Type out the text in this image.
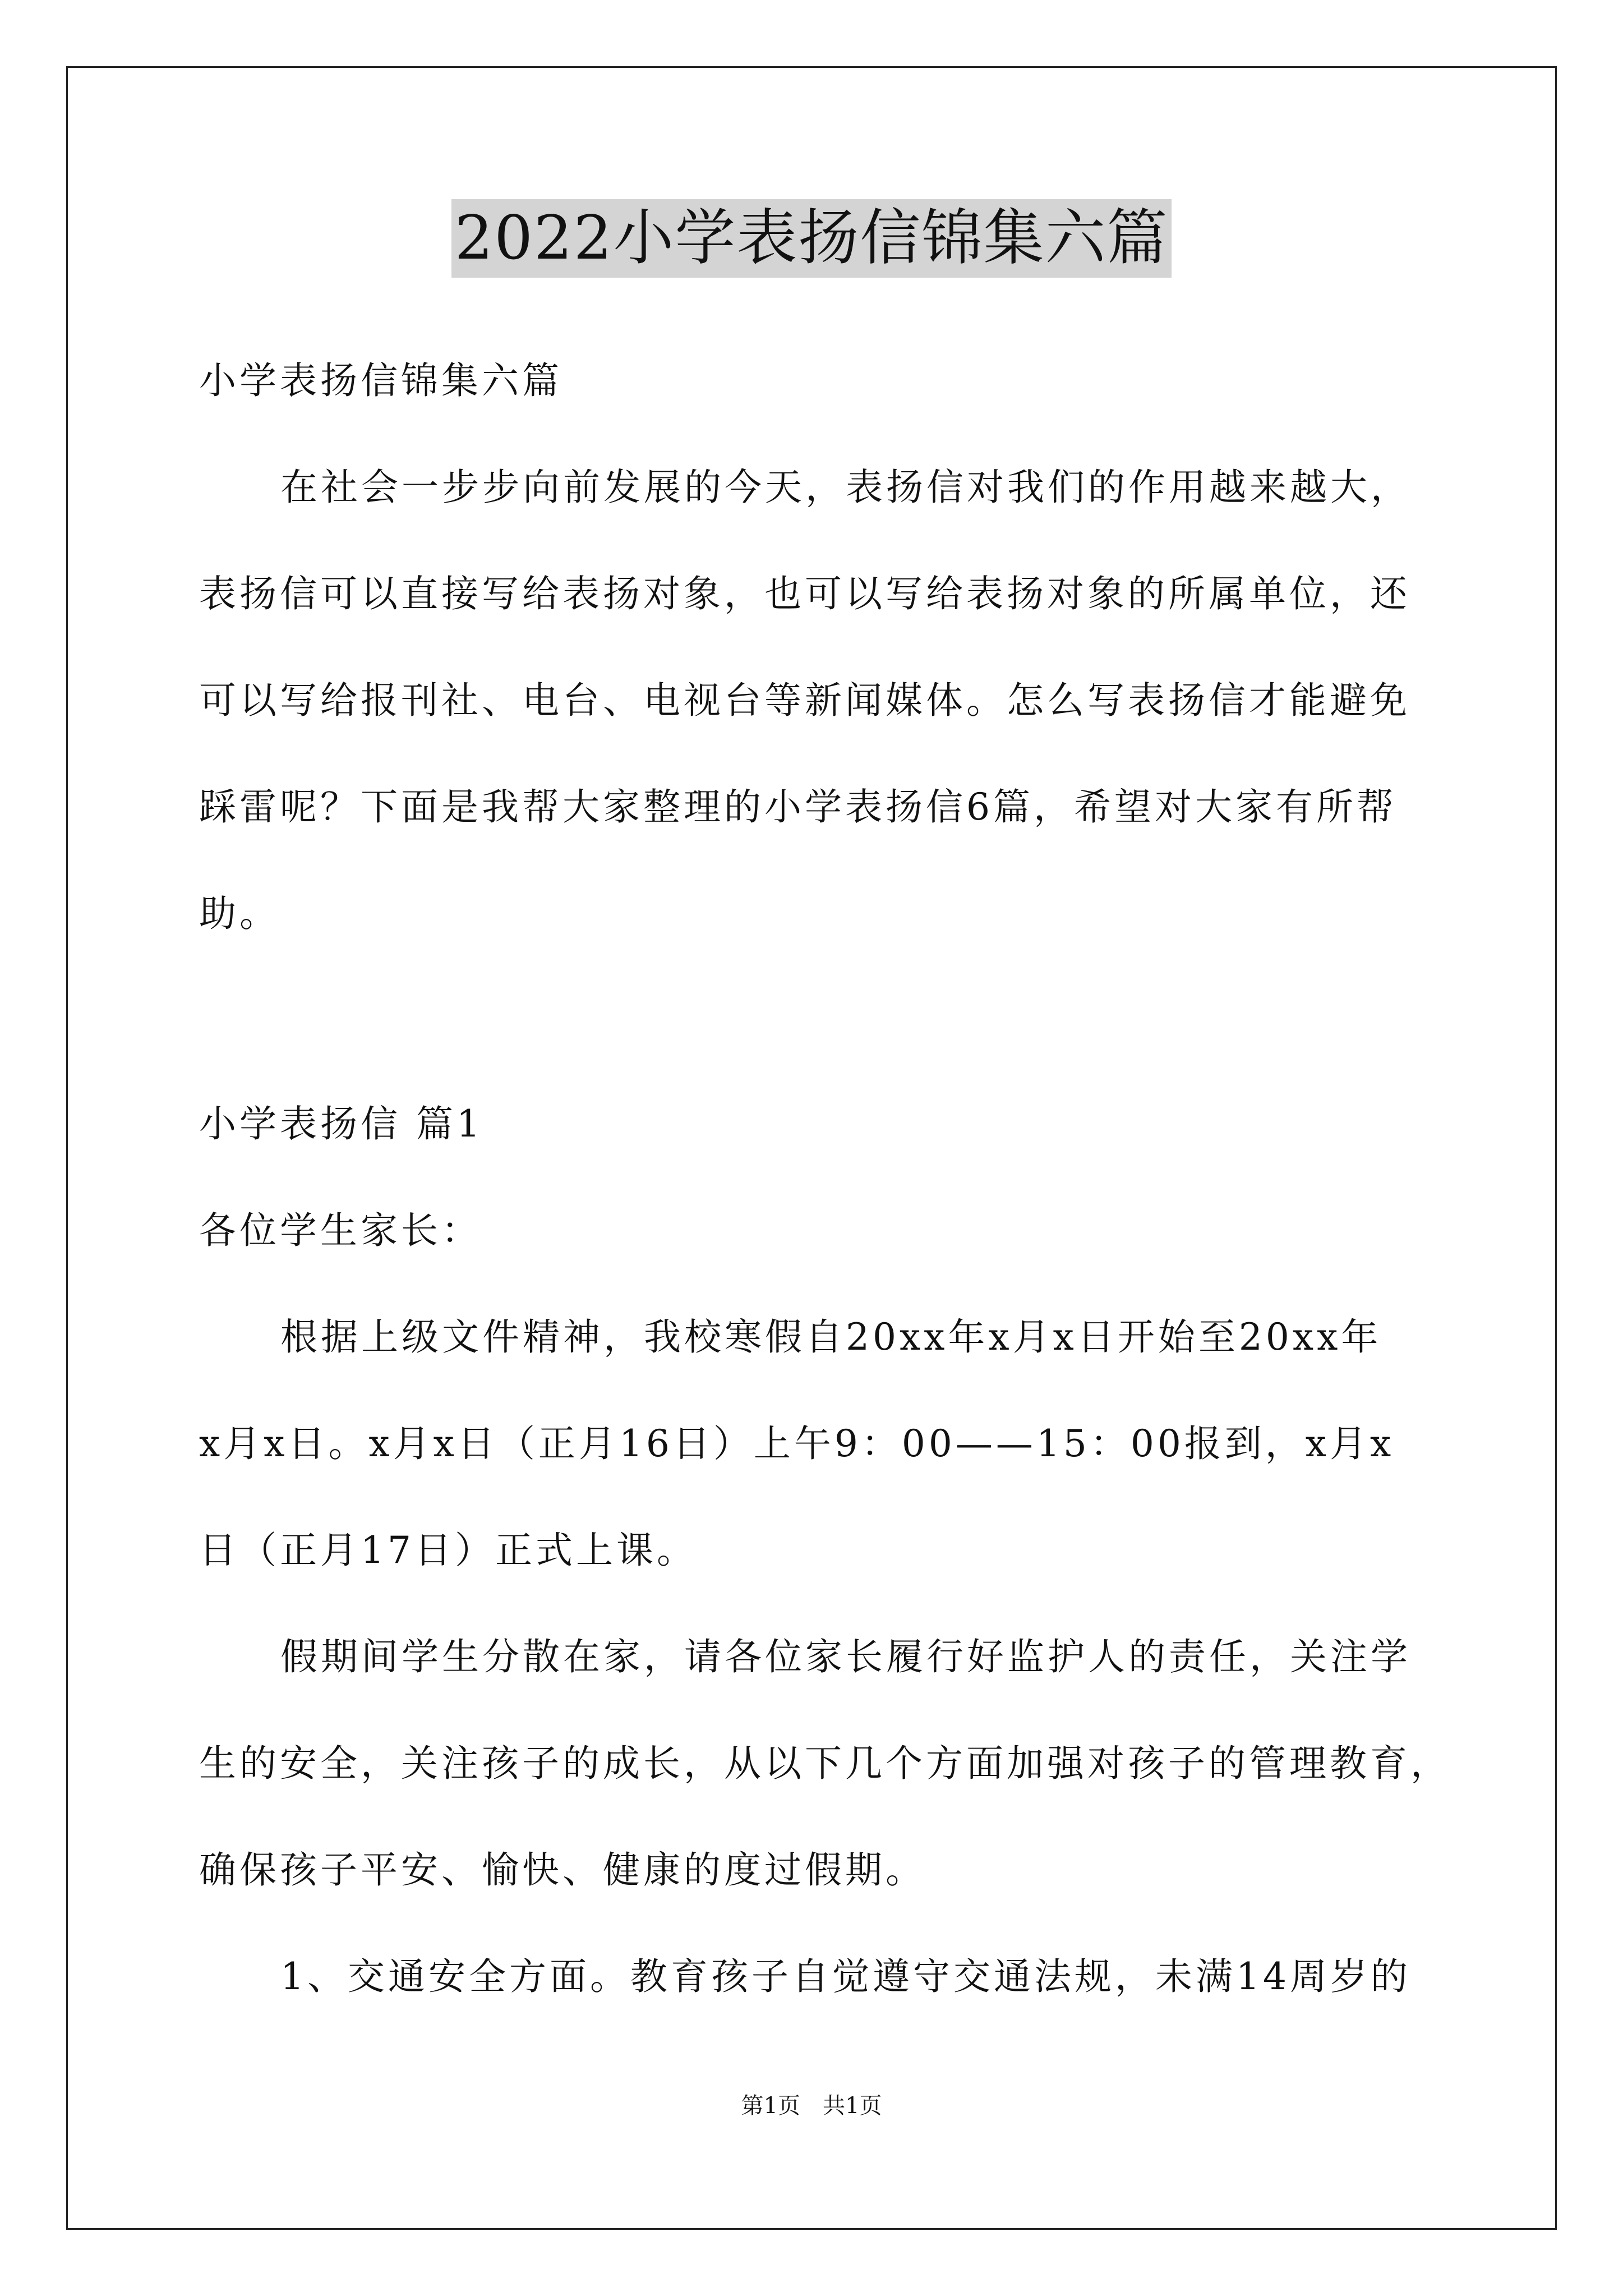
2022小学表扬信锦集六篇
小学表扬信锦集六篇
在社会一步步向前发展的今天，表扬信对我们的作用越来越大，
表扬信可以直接写给表扬对象，也可以写给表扬对象的所属单位，还
可以写给报刊社、电台、电视台等新闻媒体。怎么写表扬信才能避免
踩雷呢？下面是我帮大家整理的小学表扬信6篇，希望对大家有所帮
助。
小学表扬信 篇1
各位学生家长：
根据上级文件精神，我校寒假自20xx年x月x日开始至20xx年
x月x日。x月x日（正月16日）上午9：00——15：00报到，x月x
日（正月17日）正式上课。
假期间学生分散在家，请各位家长履行好监护人的责任，关注学
生的安全，关注孩子的成长，从以下几个方面加强对孩子的管理教育，
确保孩子平安、愉快、健康的度过假期。
1、交通安全方面。教育孩子自觉遵守交通法规，未满14周岁的
第1页 共1页
